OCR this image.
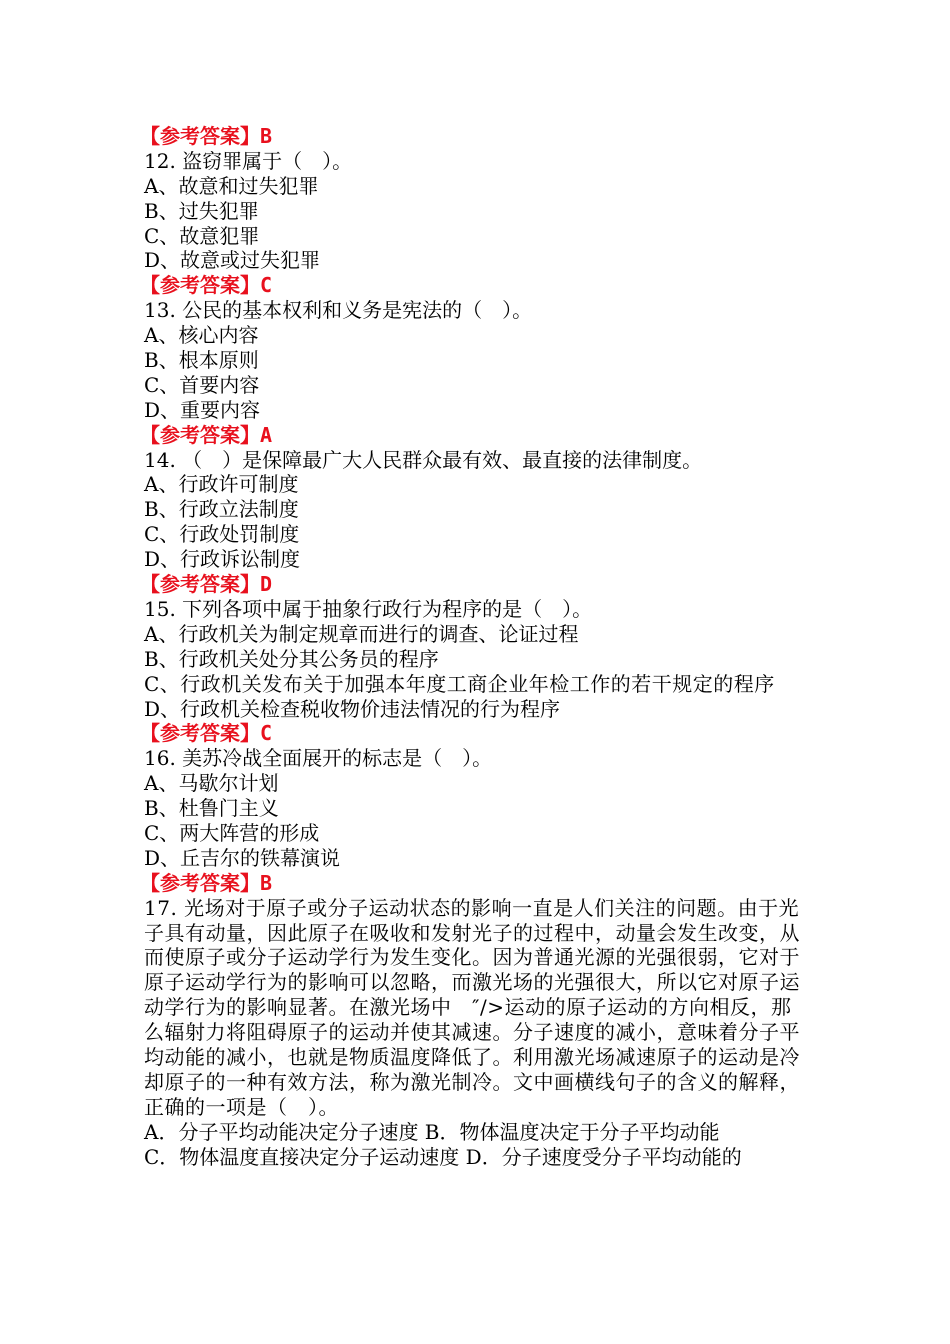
【参考答案】B
12. 盗窃罪属于（　）。
A、故意和过失犯罪
B、过失犯罪
C、故意犯罪
D、故意或过失犯罪
【参考答案】C
13. 公民的基本权利和义务是宪法的（　）。
A、核心内容
B、根本原则
C、首要内容
D、重要内容
【参考答案】A
14. （　）是保障最广大人民群众最有效、最直接的法律制度。
A、行政许可制度
B、行政立法制度
C、行政处罚制度
D、行政诉讼制度
【参考答案】D
15. 下列各项中属于抽象行政行为程序的是（　）。
A、行政机关为制定规章而进行的调查、论证过程
B、行政机关处分其公务员的程序
C、行政机关发布关于加强本年度工商企业年检工作的若干规定的程序
D、行政机关检查税收物价违法情况的行为程序
【参考答案】C
16. 美苏冷战全面展开的标志是（　）。
A、马歇尔计划
B、杜鲁门主义
C、两大阵营的形成
D、丘吉尔的铁幕演说
【参考答案】B
17. 光场对于原子或分子运动状态的影响一直是人们关注的问题。由于光子具有动量，因此原子在吸收和发射光子的过程中，动量会发生改变，从而使原子或分子运动学行为发生变化。因为普通光源的光强很弱，它对于原子运动学行为的影响可以忽略，而激光场的光强很大，所以它对原子运动学行为的影响显著。在激光场中　″/>运动的原子运动的方向相反，那么辐射力将阻碍原子的运动并使其减速。分子速度的减小，意味着分子平均动能的减小，也就是物质温度降低了。利用激光场减速原子的运动是冷却原子的一种有效方法，称为激光制冷。文中画横线句子的含义的解释，正确的一项是（　）。
A．分子平均动能决定分子速度 B．物体温度决定于分子平均动能
C．物体温度直接决定分子运动速度 D．分子速度受分子平均动能的
